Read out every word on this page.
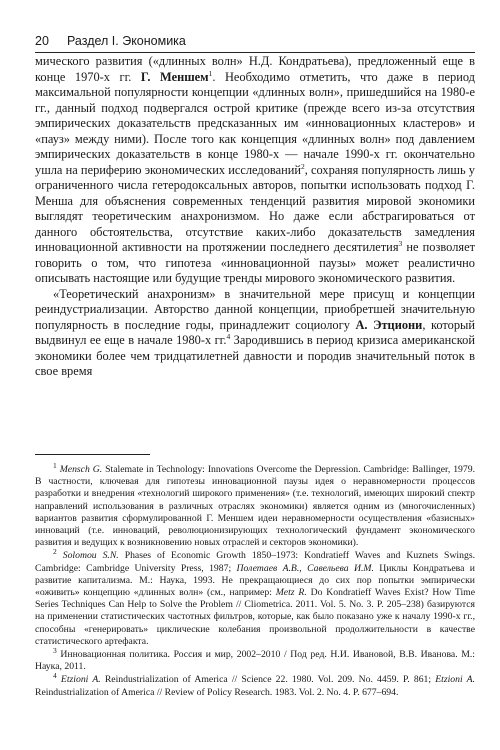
20 Раздел I. Экономика

мического развития («длинных волн» Н.Д. Кондратьева), предложенный еще в конце 1970-х гг. Г. Меншем$^1$. Необходимо отметить, что даже в период максимальной популярности концепции «длинных волн», пришедшийся на 1980-е гг., данный подход подвергался острой критике (прежде всего из-за отсутствия эмпирических доказательств предсказанных им «инновационных кластеров» и «пауз» между ними). После того как концепция «длинных волн» под давлением эмпирических доказательств в конце 1980-х — начале 1990-х гг. окончательно ушла на периферию экономических исследований$^2$, сохраняя популярность лишь у ограниченного числа гетеродоксальных авторов, попытки использовать подход Г. Менша для объяснения современных тенденций развития мировой экономики выглядят теоретическим анахронизмом. Но даже если абстрагироваться от данного обстоятельства, отсутствие каких-либо доказательств замедления инновационной активности на протяжении последнего десятилетия$^3$ не позволяет говорить о том, что гипотеза «инновационной паузы» может реалистично описывать настоящие или будущие тренды мирового экономического развития.

«Теоретический анахронизм» в значительной мере присущ и концепции реиндустриализации. Авторство данной концепции, приобретшей значительную популярность в последние годы, принадлежит социологу А. Этциони, который выдвинул ее еще в начале 1980-х гг.$^4$ Зародившись в период кризиса американской экономики более чем тридцатилетней давности и породив значительный поток в свое время

$^1$ Mensch G. Stalemate in Technology: Innovations Overcome the Depression. Cambridge: Ballinger, 1979. В частности, ключевая для гипотезы инновационной паузы идея о неравномерности процессов разработки и внедрения «технологий широкого применения» (т.е. технологий, имеющих широкий спектр направлений использования в различных отраслях экономики) является одним из (многочисленных) вариантов развития сформулированной Г. Меншем идеи неравномерности осуществления «базисных» инноваций (т.е. инноваций, революционизирующих технологический фундамент экономического развития и ведущих к возникновению новых отраслей и секторов экономики).

$^2$ Solomou S.N. Phases of Economic Growth 1850–1973: Kondratieff Waves and Kuznets Swings. Cambridge: Cambridge University Press, 1987; Полетаев А.В., Савельева И.М. Циклы Кондратьева и развитие капитализма. М.: Наука, 1993. Не прекращающиеся до сих пор попытки эмпирически «оживить» концепцию «длинных волн» (см., например: Metz R. Do Kondratieff Waves Exist? How Time Series Techniques Can Help to Solve the Problem // Cliometrica. 2011. Vol. 5. No. 3. P. 205–238) базируются на применении статистических частотных фильтров, которые, как было показано уже к началу 1990-х гг., способны «генерировать» циклические колебания произвольной продолжительности в качестве статистического артефакта.

$^3$ Инновационная политика. Россия и мир, 2002–2010 / Под ред. Н.И. Ивановой, В.В. Иванова. М.: Наука, 2011.

$^4$ Etzioni A. Reindustrialization of America // Science 22. 1980. Vol. 209. No. 4459. P. 861; Etzioni A. Reindustrialization of America // Review of Policy Research. 1983. Vol. 2. No. 4. P. 677–694.
